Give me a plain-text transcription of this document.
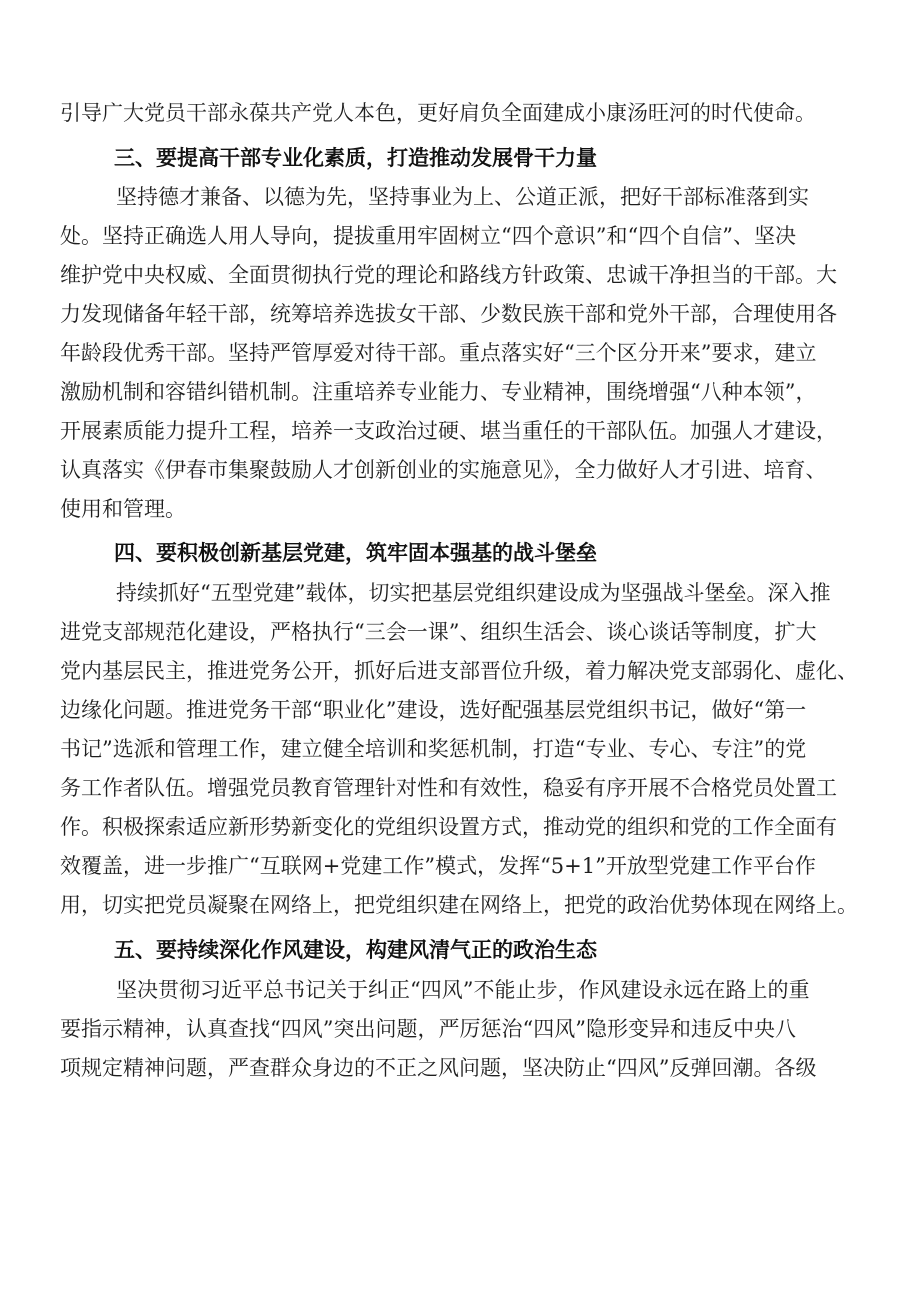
引导广大党员干部永葆共产党人本色，更好肩负全面建成小康汤旺河的时代使命。
三、要提高干部专业化素质，打造推动发展骨干力量
坚持德才兼备、以德为先，坚持事业为上、公道正派，把好干部标准落到实
处。坚持正确选人用人导向，提拔重用牢固树立“四个意识”和“四个自信”、坚决
维护党中央权威、全面贯彻执行党的理论和路线方针政策、忠诚干净担当的干部。大
力发现储备年轻干部，统筹培养选拔女干部、少数民族干部和党外干部，合理使用各
年龄段优秀干部。坚持严管厚爱对待干部。重点落实好“三个区分开来”要求，建立
激励机制和容错纠错机制。注重培养专业能力、专业精神，围绕增强“八种本领”，
开展素质能力提升工程，培养一支政治过硬、堪当重任的干部队伍。加强人才建设，
认真落实《伊春市集聚鼓励人才创新创业的实施意见》，全力做好人才引进、培育、
使用和管理。
四、要积极创新基层党建，筑牢固本强基的战斗堡垒
持续抓好“五型党建”载体，切实把基层党组织建设成为坚强战斗堡垒。深入推
进党支部规范化建设，严格执行“三会一课”、组织生活会、谈心谈话等制度，扩大
党内基层民主，推进党务公开，抓好后进支部晋位升级，着力解决党支部弱化、虚化、
边缘化问题。推进党务干部“职业化”建设，选好配强基层党组织书记，做好“第一
书记”选派和管理工作，建立健全培训和奖惩机制，打造“专业、专心、专注”的党
务工作者队伍。增强党员教育管理针对性和有效性，稳妥有序开展不合格党员处置工
作。积极探索适应新形势新变化的党组织设置方式，推动党的组织和党的工作全面有
效覆盖，进一步推广“互联网+党建工作”模式，发挥“5+1”开放型党建工作平台作
用，切实把党员凝聚在网络上，把党组织建在网络上，把党的政治优势体现在网络上。
五、要持续深化作风建设，构建风清气正的政治生态
坚决贯彻习近平总书记关于纠正“四风”不能止步，作风建设永远在路上的重
要指示精神，认真查找“四风”突出问题，严厉惩治“四风”隐形变异和违反中央八
项规定精神问题，严查群众身边的不正之风问题，坚决防止“四风”反弹回潮。各级
